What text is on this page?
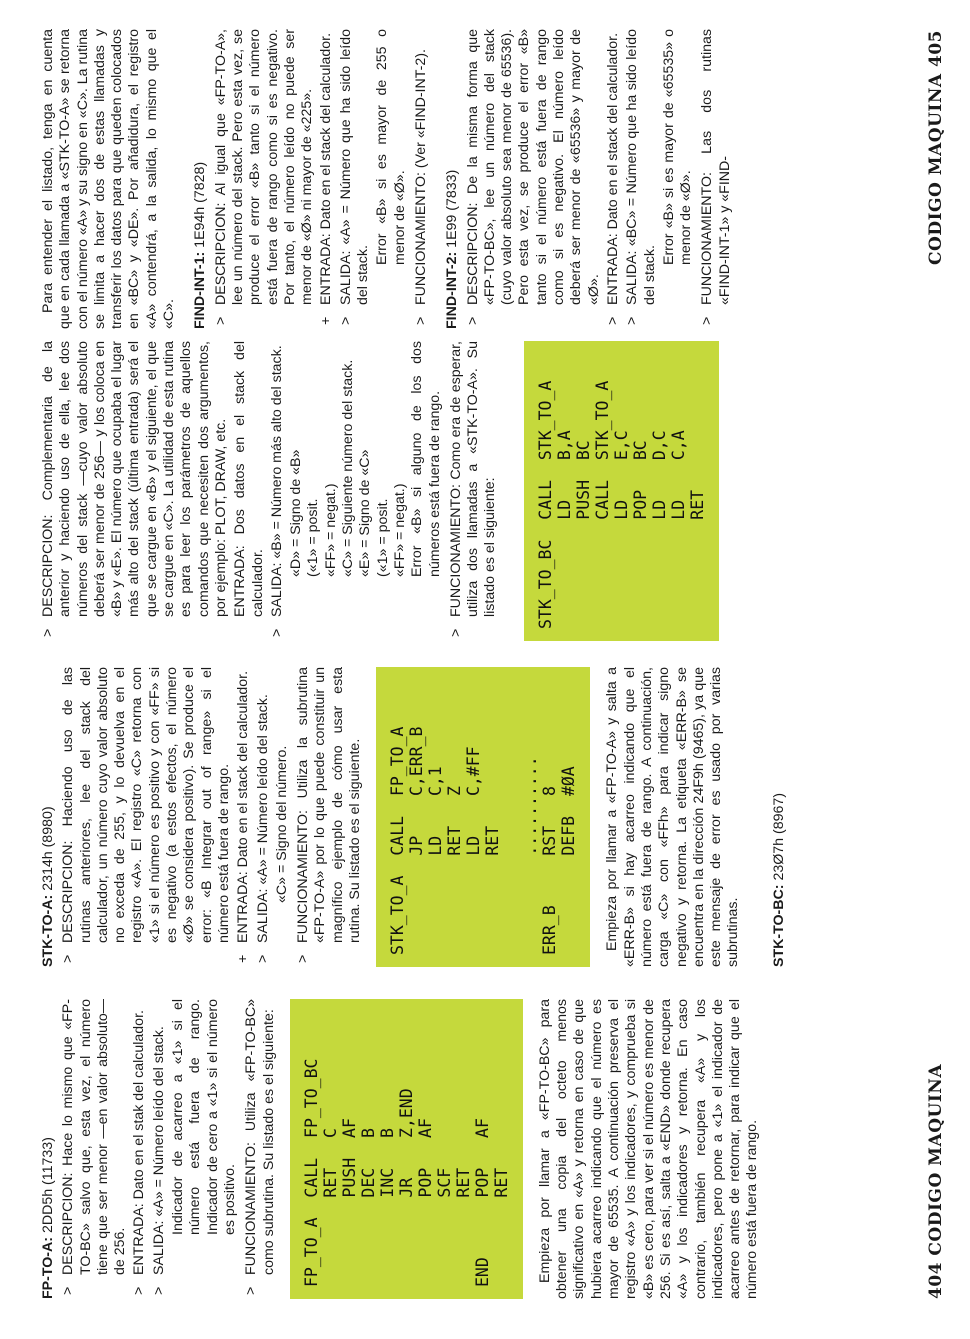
FP-TO-A: 2DD5h (11733)
>
DESCRIPCION: Hace lo mismo que «FP-TO-BC» salvo que, esta vez, el número tiene que ser menor —en valor absoluto— de 256.
>
ENTRADA: Dato en el stak del calculador.
>
SALIDA: «A» = Número leído del stack. Indicador de acarreo a «1» si el número está fuera de rango. Indicador de cero a «1» si el número es positivo.

>
FUNCIONAMIENTO: Utiliza «FP-TO-BC» como subrutina. Su listado es el siguiente:	FP_TO_A  CALL  FP_TO_BC
RET   C
PUSH  AF
DEC   B
INC   B
JR    Z,END
POP   AF
SCF
RET
END      POP   AF
RET	Empieza por llamar a «FP-TO-BC» para obtener una copia del octeto menos significativo en «A» y retorna en caso de que hubiera acarreo indicando que el número es mayor de 65535. A continuación preserva el registro «A» y los indicadores, y comprueba si «B» es cero, para ver si el número es menor de 256. Si es así, salta a «END» donde recupera «A» y los indicadores y retorna. En caso contrario, también recupera «A» y los indicadores, pero pone a «1» el indicador de acarreo antes de retornar, para indicar que el número está fuera de rango.

STK-TO-A: 2314h (8980)
>
DESCRIPCION: Haciendo uso de las rutinas anteriores, lee del stack del calculador, un número cuyo valor absoluto no exceda de 255, y lo devuelva en el registro «A». El registro «C» retorna con «1» si el número es positivo y con «FF» si es negativo (a estos efectos, el número «Ø» se considera positivo). Se produce el error: «B Integrar out of range» si el número está fuera de rango.
+
ENTRADA: Dato en el stack del calculador.
>
SALIDA: «A» = Número leído del stack. «C» = Signo del número.

>
FUNCIONAMIENTO: Utiliza la subrutina «FP-TO-A» por lo que puede constituir un magnífico ejemplo de cómo usar esta rutina. Su listado es el siguiente.	STK_TO_A  CALL  FP_TO_A
JP    C,ERR_B
LD    C,1
RET   Z
LD    C,#FF
RET

..........
ERR_B     RST   8
DEFB  #ØA	Empieza por llamar a «FP-TO-A» y salta a «ERR-B» si hay acarreo indicando que el número está fuera de rango. A continuación, carga «C» con «FFh» para indicar signo negativo y retorna. La etiqueta «ERR-B» se encuentra en la dirección 24F9h (9465), ya que este mensaje de error es usado por varias subrutinas. STK-TO-BC: 23Ø7h (8967)
>
DESCRIPCION: Complementaria de la anterior y haciendo uso de ella, lee dos números del stack —cuyo valor absoluto deberá ser menor de 256— y los coloca en «B» y «E». El número que ocupaba el lugar más alto del stack (última entrada) será el que se cargue en «B» y el siguiente, el que se cargue en «C». La utilidad de esta rutina es para leer los parámetros de aquellos comandos que necesiten dos argumentos, por ejemplo: PLOT, DRAW, etc. ENTRADA: Dos datos en el stack del calculador.
>
SALIDA: «B» = Número más alto del stack. «D» = Signo de «B» («1» = posit. «FF» = negat.) «C» = Siguiente número del stack. «E» = Signo de «C» («1» = posit. «FF» = negat.) Error «B» si alguno de los dos números está fuera de rango.

>
FUNCIONAMIENTO: Como era de esperar, utiliza dos llamadas a «STK-TO-A». Su listado es el siguiente:	STK_TO_BC  CALL  STK_TO_A
LD    B,A
PUSH  BC
CALL  STK_TO_A
LD    E,C
POP   BC
LD    D,C
LD    C,A
RET

Para entender el listado, tenga en cuenta que en cada llamada a «STK-TO-A» se retorna con el número «A» y su signo en «C». La rutina se limita a hacer dos de estas llamadas y transferir los datos para que queden colocados en «BC» y «DE». Por añadidura, el registro «A» contendrá, a la salida, lo mismo que el «C». FIND-INT-1: 1E94h (7828)
>
DESCRIPCION: Al igual que «FP-TO-A», lee un número del stack. Pero esta vez, se produce el error «B» tanto si el número está fuera de rango como si es negativo. Por tanto, el número leído no puede ser menor de «Ø» ni mayor de «225».
+
ENTRADA: Dato en el stack del calculador.
>
SALIDA: «A» = Número que ha sido leído del stack.

Error «B» si es mayor de 255 o menor de «Ø».

>
FUNCIONAMIENTO: (Ver «FIND-INT-2). FIND-INT-2: 1E99 (7833)
>
DESCRIPCION: De la misma forma que «FP-TO-BC», lee un número del stack (cuyo valor absoluto sea menor de 65536). Pero esta vez, se produce el error «B» tanto si el número está fuera de rango como si es negativo. El número leído deberá ser menor de «65536» y mayor de «Ø».
>
ENTRADA: Dato en el stack del calculador.
>
SALIDA: «BC» = Número que ha sido leído del stack.

Error «B» si es mayor de «65535» o menor de «Ø».

>
FUNCIONAMIENTO: Las dos rutinas «FIND-INT-1» y «FIND-
404 CODIGO MAQUINA
CODIGO MAQUINA 405
